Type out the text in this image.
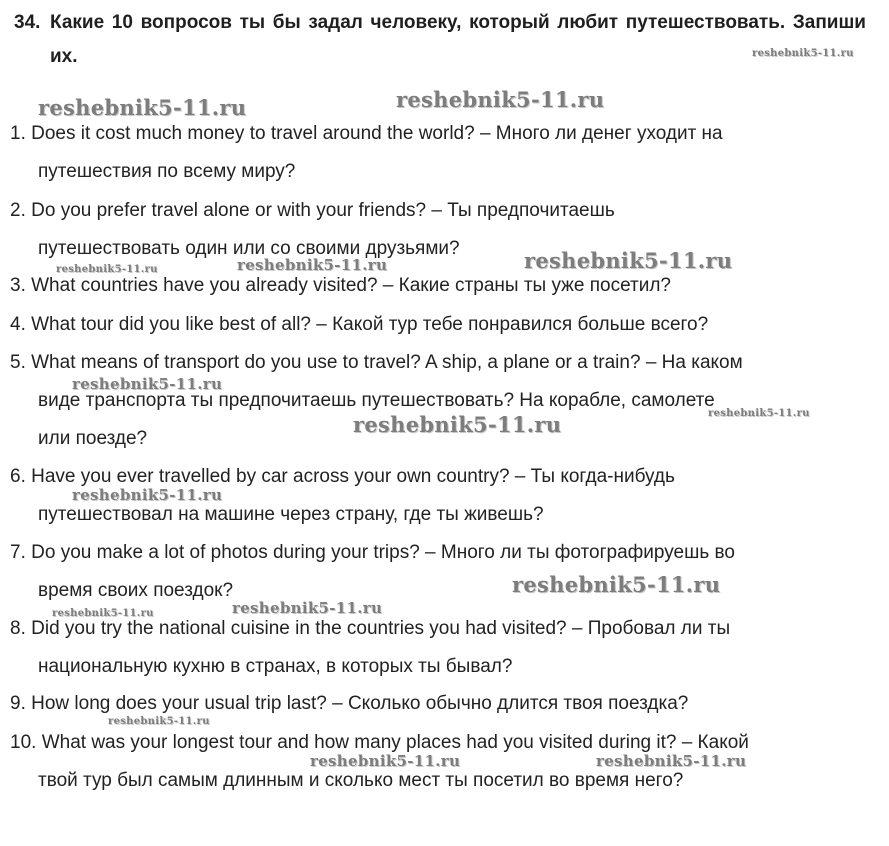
34. Какие 10 вопросов ты бы задал человеку, который любит путешествовать. Запиши их.
1. Does it cost much money to travel around the world? – Много ли денег уходит на
путешествия по всему миру?
2. Do you prefer travel alone or with your friends? – Ты предпочитаешь
путешествовать один или со своими друзьями?
3. What countries have you already visited? – Какие страны ты уже посетил?
4. What tour did you like best of all? – Какой тур тебе понравился больше всего?
5. What means of transport do you use to travel? A ship, a plane or a train? – На каком
виде транспорта ты предпочитаешь путешествовать? На корабле, самолете
или поезде?
6. Have you ever travelled by car across your own country? – Ты когда-нибудь
путешествовал на машине через страну, где ты живешь?
7. Do you make a lot of photos during your trips? – Много ли ты фотографируешь во
время своих поездок?
8. Did you try the national cuisine in the countries you had visited? – Пробовал ли ты
национальную кухню в странах, в которых ты бывал?
9. How long does your usual trip last? – Сколько обычно длится твоя поездка?
10. What was your longest tour and how many places had you visited during it? – Какой
твой тур был самым длинным и сколько мест ты посетил во время него?
reshebnik5-11.ru
reshebnik5-11.ru	reshebnik5-11.ru
reshebnik5-11.ru	reshebnik5-11.ru	reshebnik5-11.ru
reshebnik5-11.ru
reshebnik5-11.ru
reshebnik5-11.ru
reshebnik5-11.ru
reshebnik5-11.ru
reshebnik5-11.ru	reshebnik5-11.ru
reshebnik5-11.ru
reshebnik5-11.ru	reshebnik5-11.ru
